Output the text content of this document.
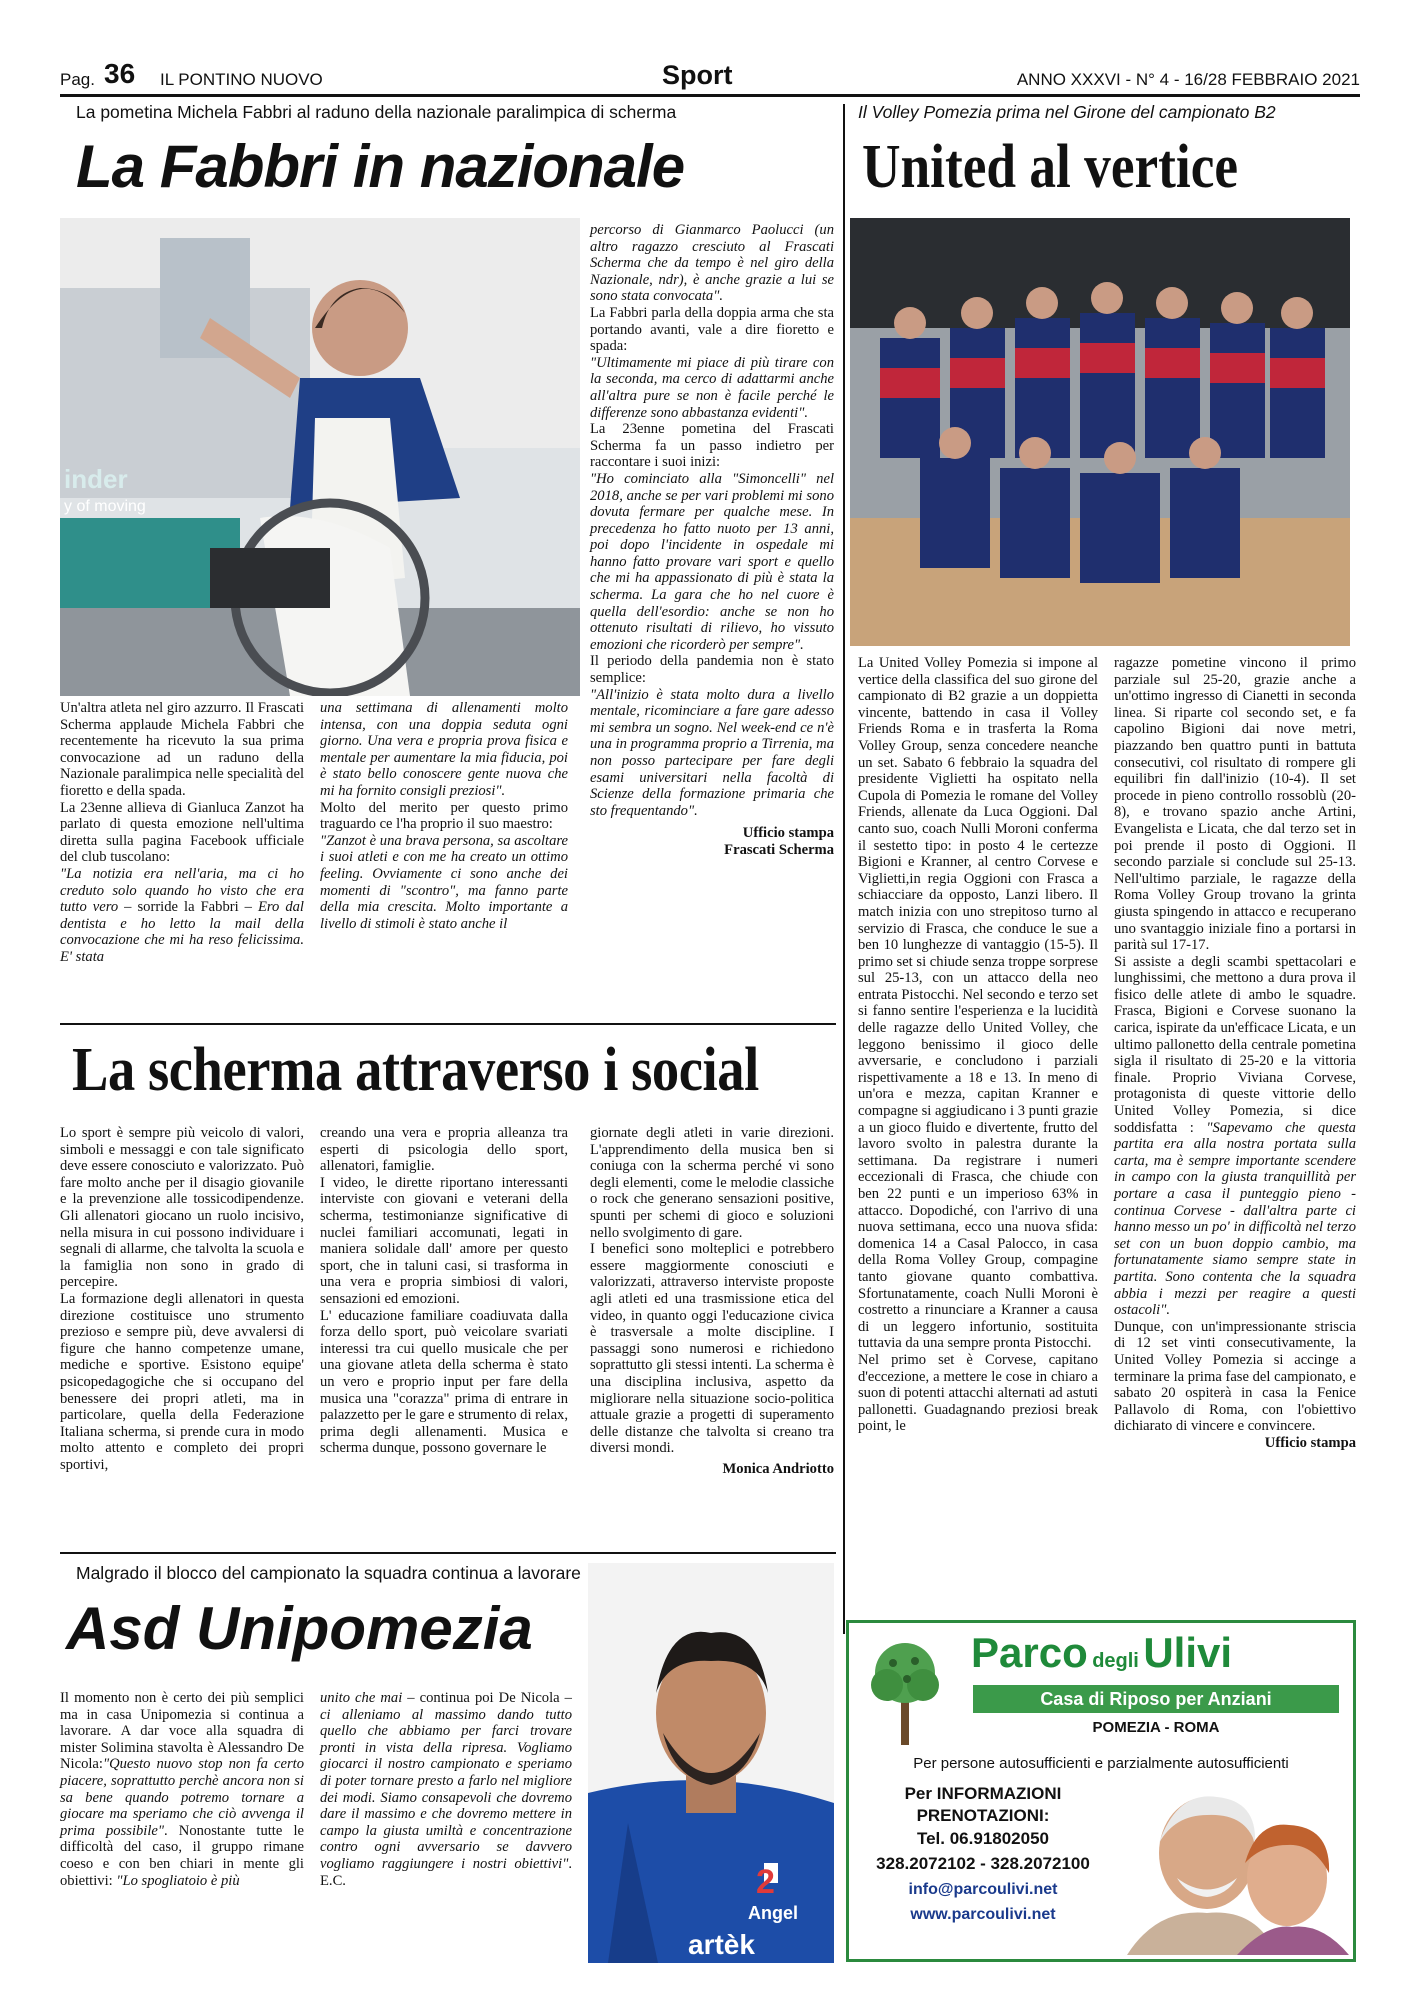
Pag. 36 IL PONTINO NUOVO	Sport	ANNO XXXVI - N° 4 - 16/28 FEBBRAIO 2021
La pometina Michela Fabbri al raduno della nazionale paralimpica di scherma
La Fabbri in nazionale
inder
y of moving

Un'altra atleta nel giro azzurro. Il Frascati Scherma applaude Michela Fabbri che recentemente ha ricevuto la sua prima convocazione ad un raduno della Nazionale paralimpica nelle specialità del fioretto e della spada.

La 23enne allieva di Gianluca Zanzot ha parlato di questa emozione nell'ultima diretta sulla pagina Facebook ufficiale del club tuscolano:

"La notizia era nell'aria, ma ci ho creduto solo quando ho visto che era tutto vero – sorride la Fabbri – Ero dal dentista e ho letto la mail della convocazione che mi ha reso felicissima. E' stata

una settimana di allenamenti molto intensa, con una doppia seduta ogni giorno. Una vera e propria prova fisica e mentale per aumentare la mia fiducia, poi è stato bello conoscere gente nuova che mi ha fornito consigli preziosi".

Molto del merito per questo primo traguardo ce l'ha proprio il suo maestro:

"Zanzot è una brava persona, sa ascoltare i suoi atleti e con me ha creato un ottimo feeling. Ovviamente ci sono anche dei momenti di "scontro", ma fanno parte della mia crescita. Molto importante a livello di stimoli è stato anche il

percorso di Gianmarco Paolucci (un altro ragazzo cresciuto al Frascati Scherma che da tempo è nel giro della Nazionale, ndr), è anche grazie a lui se sono stata convocata".

La Fabbri parla della doppia arma che sta portando avanti, vale a dire fioretto e spada:

"Ultimamente mi piace di più tirare con la seconda, ma cerco di adattarmi anche all'altra pure se non è facile perché le differenze sono abbastanza evidenti".

La 23enne pometina del Frascati Scherma fa un passo indietro per raccontare i suoi inizi:

"Ho cominciato alla "Simoncelli" nel 2018, anche se per vari problemi mi sono dovuta fermare per qualche mese. In precedenza ho fatto nuoto per 13 anni, poi dopo l'incidente in ospedale mi hanno fatto provare vari sport e quello che mi ha appassionato di più è stata la scherma. La gara che ho nel cuore è quella dell'esordio: anche se non ho ottenuto risultati di rilievo, ho vissuto emozioni che ricorderò per sempre".

Il periodo della pandemia non è stato semplice:

"All'inizio è stata molto dura a livello mentale, ricominciare a fare gare adesso mi sembra un sogno. Nel week-end ce n'è una in programma proprio a Tirrenia, ma non posso partecipare per fare degli esami universitari nella facoltà di Scienze della formazione primaria che sto frequentando".

Ufficio stampa
Frascati Scherma
La scherma attraverso i social

Lo sport è sempre più veicolo di valori, simboli e messaggi e con tale significato deve essere conosciuto e valorizzato. Può fare molto anche per il disagio giovanile e la prevenzione alle tossicodipendenze. Gli allenatori giocano un ruolo incisivo, nella misura in cui possono individuare i segnali di allarme, che talvolta la scuola e la famiglia non sono in grado di percepire.

La formazione degli allenatori in questa direzione costituisce uno strumento prezioso e sempre più, deve avvalersi di figure che hanno competenze umane, mediche e sportive. Esistono equipe' psicopedagogiche che si occupano del benessere dei propri atleti, ma in particolare, quella della Federazione Italiana scherma, si prende cura in modo molto attento e completo dei propri sportivi,

creando una vera e propria alleanza tra esperti di psicologia dello sport, allenatori, famiglie.

I video, le dirette riportano interessanti interviste con giovani e veterani della scherma, testimonianze significative di nuclei familiari accomunati, legati in maniera solidale dall' amore per questo sport, che in taluni casi, si trasforma in una vera e propria simbiosi di valori, sensazioni ed emozioni.

L' educazione familiare coadiuvata dalla forza dello sport, può veicolare svariati interessi tra cui quello musicale che per una giovane atleta della scherma è stato un vero e proprio input per fare della musica una "corazza" prima di entrare in palazzetto per le gare e strumento di relax, prima degli allenamenti. Musica e scherma dunque, possono governare le

giornate degli atleti in varie direzioni. L'apprendimento della musica ben si coniuga con la scherma perché vi sono degli elementi, come le melodie classiche o rock che generano sensazioni positive, spunti per schemi di gioco e soluzioni nello svolgimento di gare.

I benefici sono molteplici e potrebbero essere maggiormente conosciuti e valorizzati, attraverso interviste proposte agli atleti ed una trasmissione etica del video, in quanto oggi l'educazione civica è trasversale a molte discipline. I passaggi sono numerosi e richiedono soprattutto gli stessi intenti. La scherma è una disciplina inclusiva, aspetto da migliorare nella situazione socio-politica attuale grazie a progetti di superamento delle distanze che talvolta si creano tra diversi mondi.

Monica Andriotto
Malgrado il blocco del campionato la squadra continua a lavorare
Asd Unipomezia
2
Angel
artèk

Il momento non è certo dei più semplici ma in casa Unipomezia si continua a lavorare. A dar voce alla squadra di mister Solimina stavolta è Alessandro De Nicola:"Questo nuovo stop non fa certo piacere, soprattutto perchè ancora non si sa bene quando potremo tornare a giocare ma speriamo che ciò avvenga il prima possibile". Nonostante tutte le difficoltà del caso, il gruppo rimane coeso e con ben chiari in mente gli obiettivi: "Lo spogliatoio è più

unito che mai – continua poi De Nicola – ci alleniamo al massimo dando tutto quello che abbiamo per farci trovare pronti in vista della ripresa. Vogliamo giocarci il nostro campionato e speriamo di poter tornare presto a farlo nel migliore dei modi. Siamo consapevoli che dovremo dare il massimo e che dovremo mettere in campo la giusta umiltà e concentrazione contro ogni avversario se davvero vogliamo raggiungere i nostri obiettivi". E.C.

Il Volley Pomezia prima nel Girone del campionato B2
United al vertice

La United Volley Pomezia si impone al vertice della classifica del suo girone del campionato di B2 grazie a un doppietta vincente, battendo in casa il Volley Friends Roma e in trasferta la Roma Volley Group, senza concedere neanche un set. Sabato 6 febbraio la squadra del presidente Viglietti ha ospitato nella Cupola di Pomezia le romane del Volley Friends, allenate da Luca Oggioni. Dal canto suo, coach Nulli Moroni conferma il sestetto tipo: in posto 4 le certezze Bigioni e Kranner, al centro Corvese e Viglietti,in regia Oggioni con Frasca a schiacciare da opposto, Lanzi libero. Il match inizia con uno strepitoso turno al servizio di Frasca, che conduce le sue a ben 10 lunghezze di vantaggio (15-5). Il primo set si chiude senza troppe sorprese sul 25-13, con un attacco della neo entrata Pistocchi. Nel secondo e terzo set si fanno sentire l'esperienza e la lucidità delle ragazze dello United Volley, che leggono benissimo il gioco delle avversarie, e concludono i parziali rispettivamente a 18 e 13. In meno di un'ora e mezza, capitan Kranner e compagne si aggiudicano i 3 punti grazie a un gioco fluido e divertente, frutto del lavoro svolto in palestra durante la settimana. Da registrare i numeri eccezionali di Frasca, che chiude con ben 22 punti e un imperioso 63% in attacco. Dopodiché, con l'arrivo di una nuova settimana, ecco una nuova sfida: domenica 14 a Casal Palocco, in casa della Roma Volley Group, compagine tanto giovane quanto combattiva. Sfortunatamente, coach Nulli Moroni è costretto a rinunciare a Kranner a causa di un leggero infortunio, sostituita tuttavia da una sempre pronta Pistocchi.

Nel primo set è Corvese, capitano d'eccezione, a mettere le cose in chiaro a suon di potenti attacchi alternati ad astuti pallonetti. Guadagnando preziosi break point, le

ragazze pometine vincono il primo parziale sul 25-20, grazie anche a un'ottimo ingresso di Cianetti in seconda linea. Si riparte col secondo set, e fa capolino Bigioni dai nove metri, piazzando ben quattro punti in battuta consecutivi, col risultato di rompere gli equilibri fin dall'inizio (10-4). Il set procede in pieno controllo rossoblù (20-8), e trovano spazio anche Artini, Evangelista e Licata, che dal terzo set in poi prende il posto di Oggioni. Il secondo parziale si conclude sul 25-13. Nell'ultimo parziale, le ragazze della Roma Volley Group trovano la grinta giusta spingendo in attacco e recuperano uno svantaggio iniziale fino a portarsi in parità sul 17-17.

Si assiste a degli scambi spettacolari e lunghissimi, che mettono a dura prova il fisico delle atlete di ambo le squadre. Frasca, Bigioni e Corvese suonano la carica, ispirate da un'efficace Licata, e un ultimo pallonetto della centrale pometina sigla il risultato di 25-20 e la vittoria finale. Proprio Viviana Corvese, protagonista di queste vittorie dello United Volley Pomezia, si dice soddisfatta : "Sapevamo che questa partita era alla nostra portata sulla carta, ma è sempre importante scendere in campo con la giusta tranquillità per portare a casa il punteggio pieno - continua Corvese - dall'altra parte ci hanno messo un po' in difficoltà nel terzo set con un buon doppio cambio, ma fortunatamente siamo sempre state in partita. Sono contenta che la squadra abbia i mezzi per reagire a questi ostacoli".

Dunque, con un'impressionante striscia di 12 set vinti consecutivamente, la United Volley Pomezia si accinge a terminare la prima fase del campionato, e sabato 20 ospiterà in casa la Fenice Pallavolo di Roma, con l'obiettivo dichiarato di vincere e convincere.

Ufficio stampa
Parco degli Ulivi
Casa di Riposo per Anziani
POMEZIA - ROMA
Per persone autosufficienti e parzialmente autosufficienti
Per INFORMAZIONI
PRENOTAZIONI:
Tel. 06.91802050
328.2072102 - 328.2072100
info@parcoulivi.net
www.parcoulivi.net
